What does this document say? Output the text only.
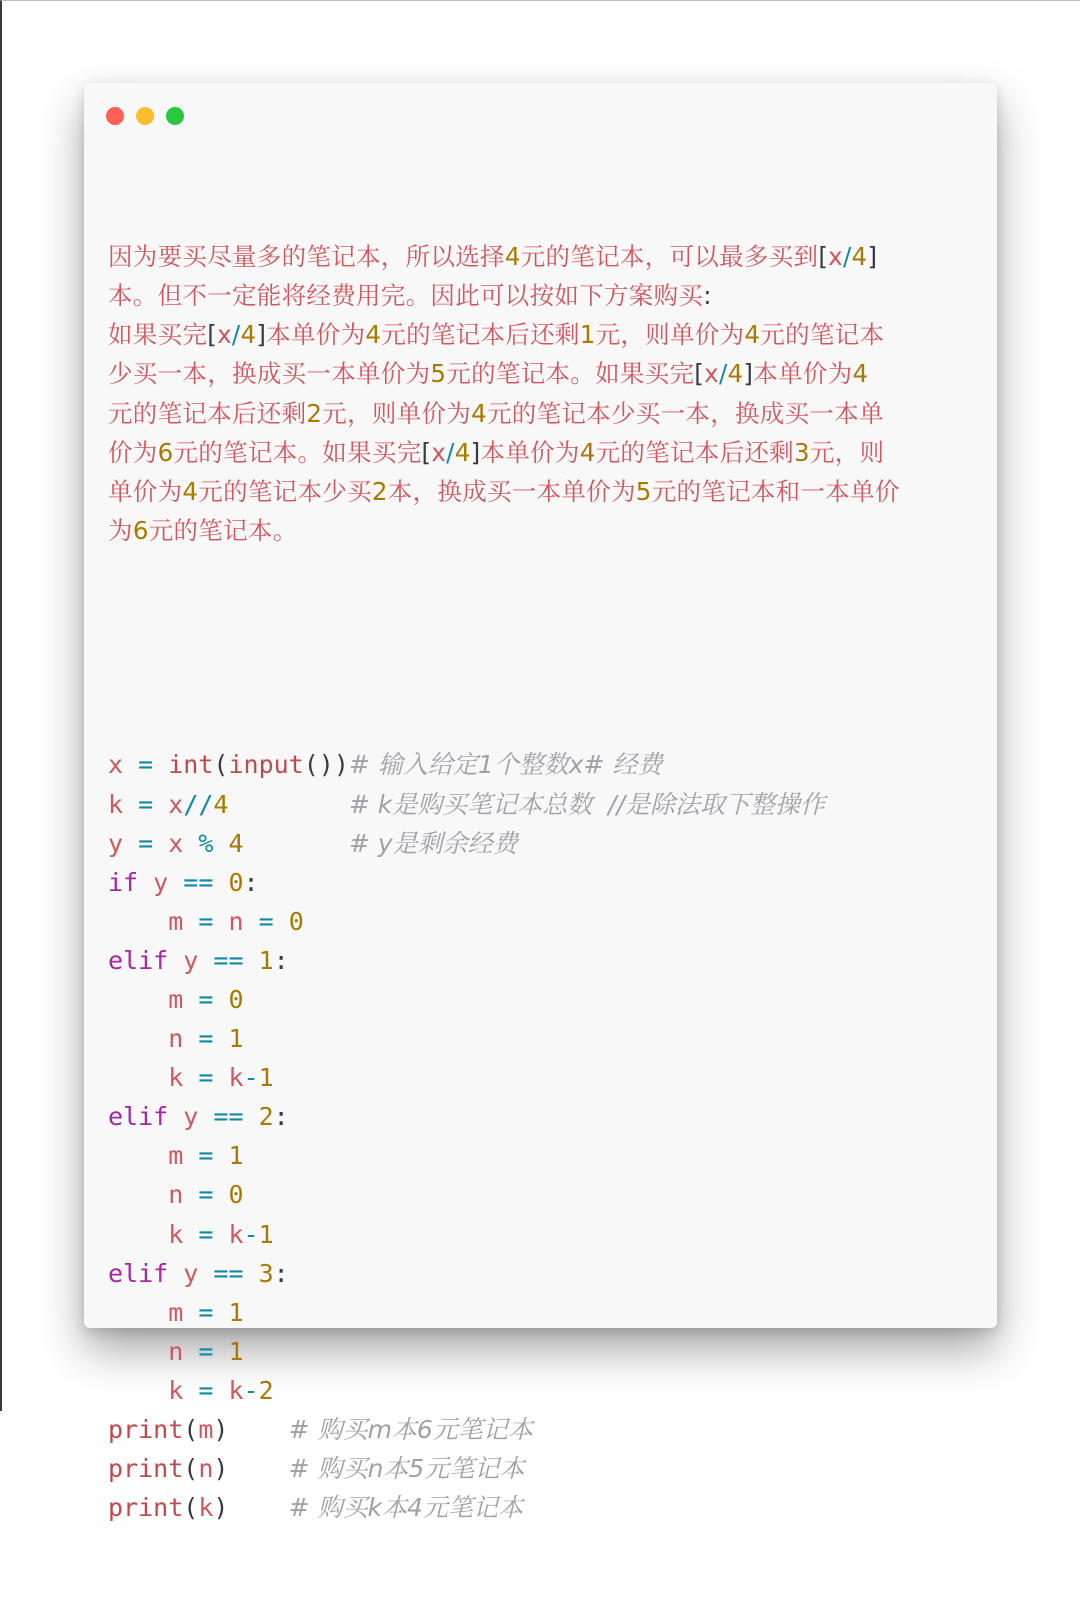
因为要买尽量多的笔记本，所以选择4元的笔记本，可以最多买到[x/4]
本。但不一定能将经费用完。因此可以按如下方案购买:
如果买完[x/4]本单价为4元的笔记本后还剩1元，则单价为4元的笔记本
少买一本，换成买一本单价为5元的笔记本。如果买完[x/4]本单价为4
元的笔记本后还剩2元，则单价为4元的笔记本少买一本，换成买一本单
价为6元的笔记本。如果买完[x/4]本单价为4元的笔记本后还剩3元，则
单价为4元的笔记本少买2本，换成买一本单价为5元的笔记本和一本单价
为6元的笔记本。

x = int(input())# 输入给定1个整数x# 经费
k = x//4	# k是购买笔记本总数  //是除法取下整操作
y = x % 4	# y是剩余经费
if y == 0:
m = n = 0
elif y == 1:
m = 0
n = 1
k = k-1
elif y == 2:
m = 1
n = 0
k = k-1
elif y == 3:
m = 1
n = 1
k = k-2
print(m) # 购买m本6元笔记本
print(n) # 购买n本5元笔记本
print(k) # 购买k本4元笔记本
